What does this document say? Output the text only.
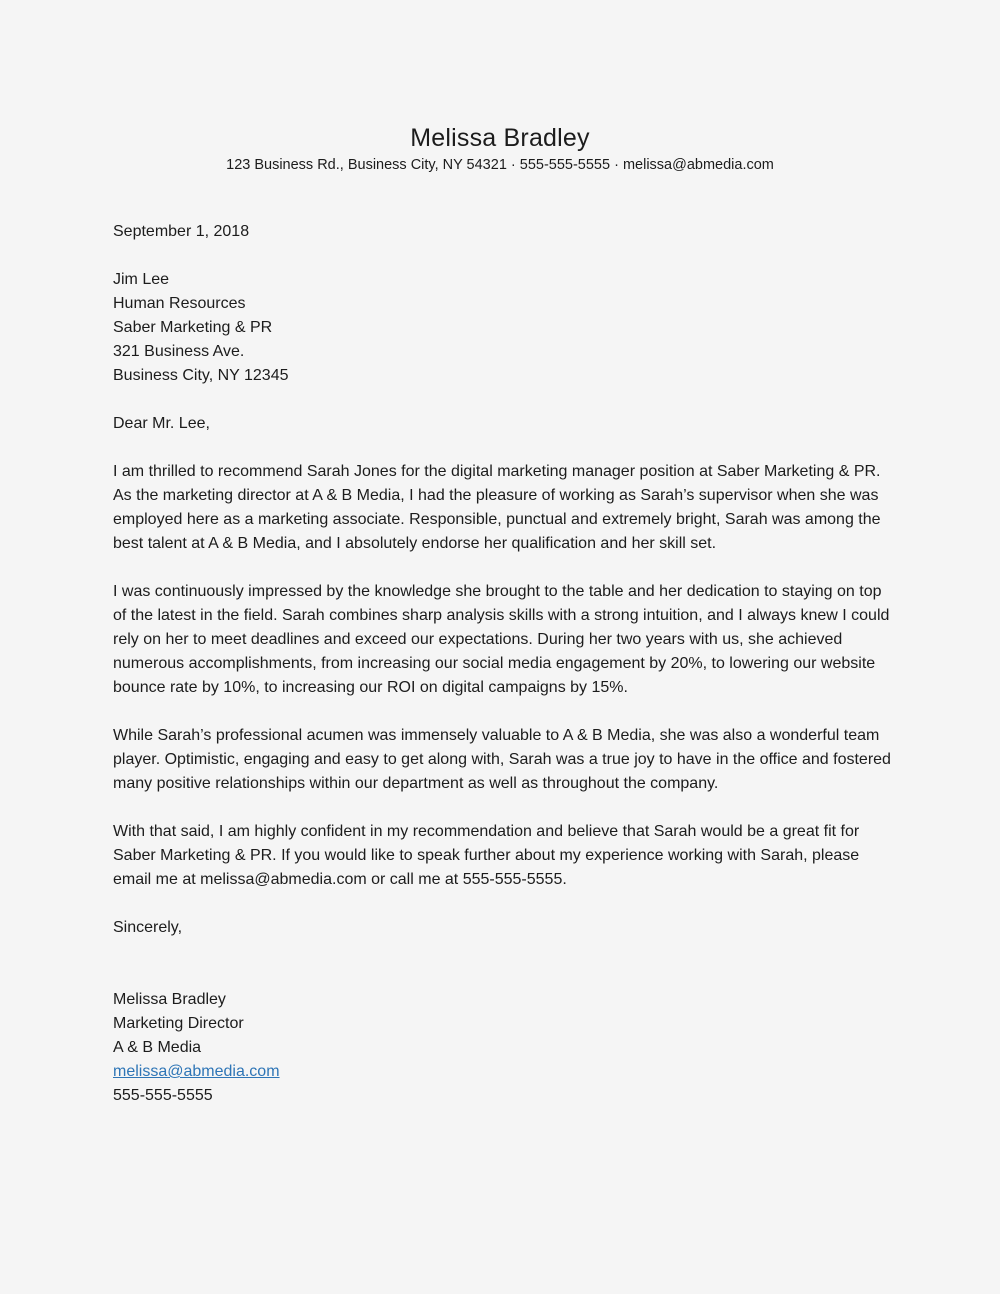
Melissa Bradley
123 Business Rd., Business City, NY 54321 · 555-555-5555 · melissa@abmedia.com
September 1, 2018
Jim Lee
Human Resources
Saber Marketing & PR
321 Business Ave.
Business City, NY 12345
Dear Mr. Lee,

I am thrilled to recommend Sarah Jones for the digital marketing manager position at Saber Marketing & PR. As the marketing director at A & B Media, I had the pleasure of working as Sarah’s supervisor when she was employed here as a marketing associate. Responsible, punctual and extremely bright, Sarah was among the best talent at A & B Media, and I absolutely endorse her qualification and her skill set.

I was continuously impressed by the knowledge she brought to the table and her dedication to staying on top of the latest in the field. Sarah combines sharp analysis skills with a strong intuition, and I always knew I could rely on her to meet deadlines and exceed our expectations. During her two years with us, she achieved numerous accomplishments, from increasing our social media engagement by 20%, to lowering our website bounce rate by 10%, to increasing our ROI on digital campaigns by 15%.

While Sarah’s professional acumen was immensely valuable to A & B Media, she was also a wonderful team player. Optimistic, engaging and easy to get along with, Sarah was a true joy to have in the office and fostered many positive relationships within our department as well as throughout the company.

With that said, I am highly confident in my recommendation and believe that Sarah would be a great fit for Saber Marketing & PR. If you would like to speak further about my experience working with Sarah, please email me at melissa@abmedia.com or call me at 555-555-5555.

Sincerely,
Melissa Bradley
Marketing Director
A & B Media
melissa@abmedia.com
555-555-5555
